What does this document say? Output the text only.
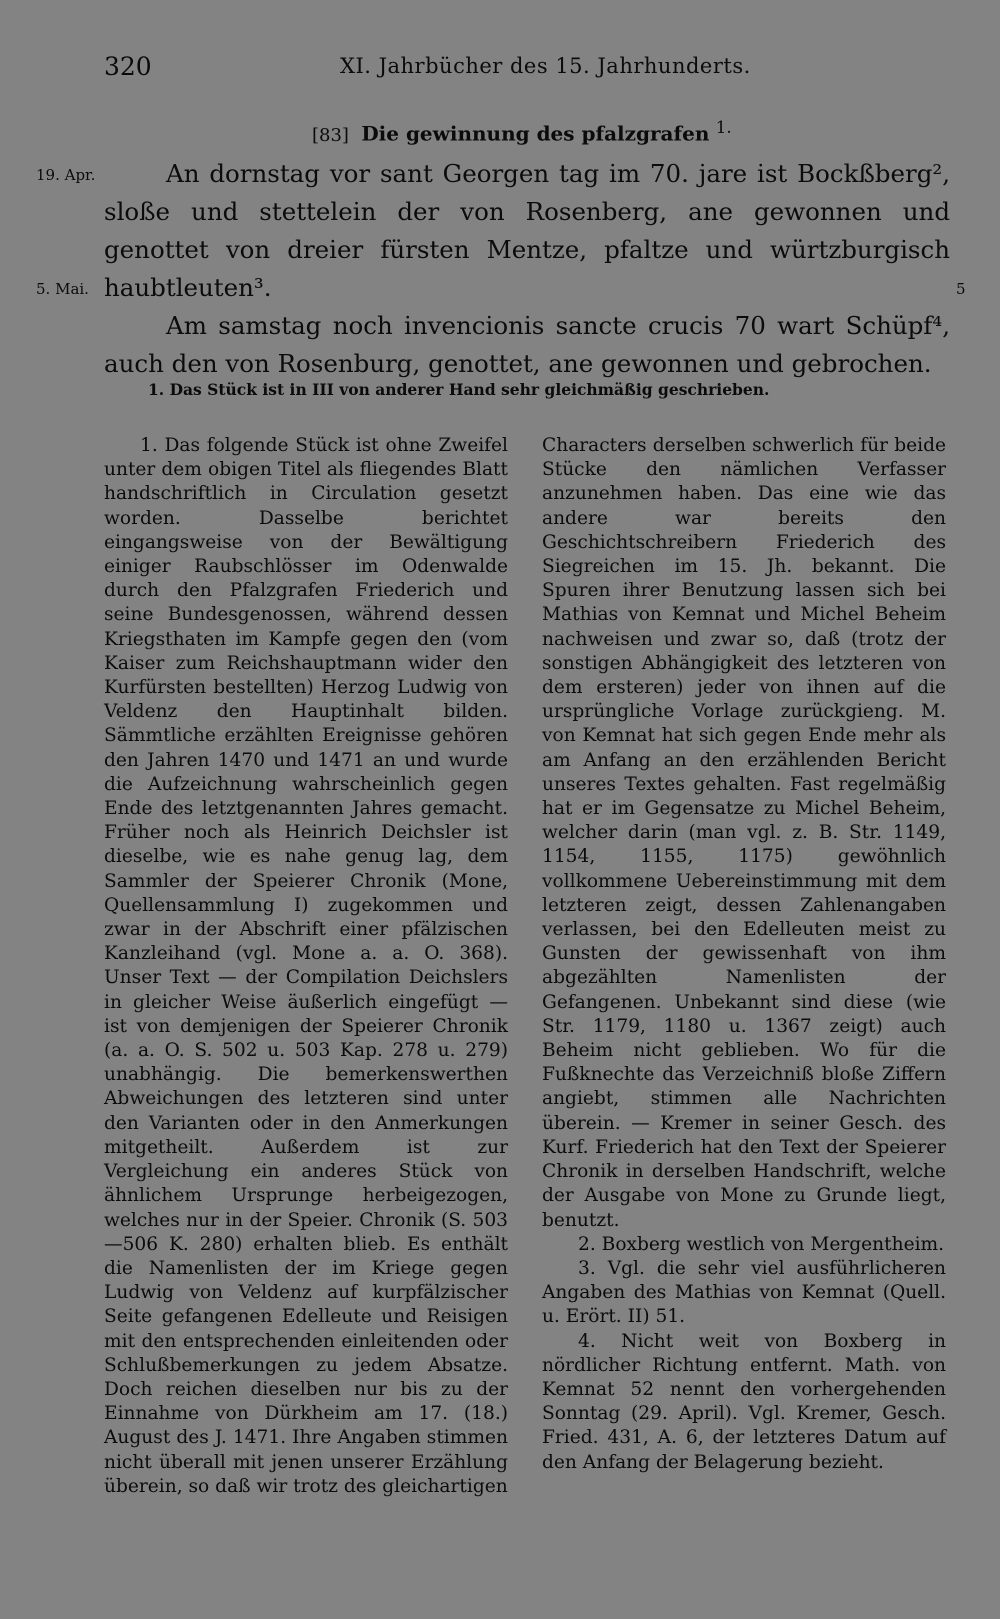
320	XI. Jahrbücher des 15. Jahrhunderts.
[83] Die gewinnung des pfalzgrafen $^{1.}$
19. Apr.
5. Mai.	5

An dornstag vor sant Georgen tag im 70. jare ist Bockßberg², sloße und stettelein der von Rosenberg, ane gewonnen und genottet von dreier fürsten Mentze, pfaltze und würtzburgisch haubtleuten³.

Am samstag noch invencionis sancte crucis 70 wart Schüpf⁴, auch den von Rosenburg, genottet, ane gewonnen und gebrochen.

1. Das Stück ist in III von anderer Hand sehr gleichmäßig geschrieben.

1. Das folgende Stück ist ohne Zweifel unter dem obigen Titel als fliegendes Blatt handschriftlich in Circulation gesetzt worden. Dasselbe berichtet eingangsweise von der Bewältigung einiger Raubschlösser im Odenwalde durch den Pfalzgrafen Friederich und seine Bundesgenossen, während dessen Kriegsthaten im Kampfe gegen den (vom Kaiser zum Reichshauptmann wider den Kurfürsten bestellten) Herzog Ludwig von Veldenz den Hauptinhalt bilden. Sämmtliche erzählten Ereignisse gehören den Jahren 1470 und 1471 an und wurde die Aufzeichnung wahrscheinlich gegen Ende des letztgenannten Jahres gemacht. Früher noch als Heinrich Deichsler ist dieselbe, wie es nahe genug lag, dem Sammler der Speierer Chronik (Mone, Quellensammlung I) zugekommen und zwar in der Abschrift einer pfälzischen Kanzleihand (vgl. Mone a. a. O. 368). Unser Text — der Compilation Deichslers in gleicher Weise äußerlich eingefügt — ist von demjenigen der Speierer Chronik (a. a. O. S. 502 u. 503 Kap. 278 u. 279) unabhängig. Die bemerkenswerthen Abweichungen des letzteren sind unter den Varianten oder in den Anmerkungen mitgetheilt. Außerdem ist zur Vergleichung ein anderes Stück von ähnlichem Ursprunge herbeigezogen, welches nur in der Speier. Chronik (S. 503—506 K. 280) erhalten blieb. Es enthält die Namenlisten der im Kriege gegen Ludwig von Veldenz auf kurpfälzischer Seite gefangenen Edelleute und Reisigen mit den entsprechenden einleitenden oder Schlußbemerkungen zu jedem Absatze. Doch reichen dieselben nur bis zu der Einnahme von Dürkheim am 17. (18.) August des J. 1471. Ihre Angaben stimmen nicht überall mit jenen unserer Erzählung überein, so daß wir trotz des gleichartigen

Characters derselben schwerlich für beide Stücke den nämlichen Verfasser anzunehmen haben. Das eine wie das andere war bereits den Geschichtschreibern Friederich des Siegreichen im 15. Jh. bekannt. Die Spuren ihrer Benutzung lassen sich bei Mathias von Kemnat und Michel Beheim nachweisen und zwar so, daß (trotz der sonstigen Abhängigkeit des letzteren von dem ersteren) jeder von ihnen auf die ursprüngliche Vorlage zurückgieng. M. von Kemnat hat sich gegen Ende mehr als am Anfang an den erzählenden Bericht unseres Textes gehalten. Fast regelmäßig hat er im Gegensatze zu Michel Beheim, welcher darin (man vgl. z. B. Str. 1149, 1154, 1155, 1175) gewöhnlich vollkommene Uebereinstimmung mit dem letzteren zeigt, dessen Zahlenangaben verlassen, bei den Edelleuten meist zu Gunsten der gewissenhaft von ihm abgezählten Namenlisten der Gefangenen. Unbekannt sind diese (wie Str. 1179, 1180 u. 1367 zeigt) auch Beheim nicht geblieben. Wo für die Fußknechte das Verzeichniß bloße Ziffern angiebt, stimmen alle Nachrichten überein. — Kremer in seiner Gesch. des Kurf. Friederich hat den Text der Speierer Chronik in derselben Handschrift, welche der Ausgabe von Mone zu Grunde liegt, benutzt.

2. Boxberg westlich von Mergentheim.

3. Vgl. die sehr viel ausführlicheren Angaben des Mathias von Kemnat (Quell. u. Erört. II) 51.

4. Nicht weit von Boxberg in nördlicher Richtung entfernt. Math. von Kemnat 52 nennt den vorhergehenden Sonntag (29. April). Vgl. Kremer, Gesch. Fried. 431, A. 6, der letzteres Datum auf den Anfang der Belagerung bezieht.
